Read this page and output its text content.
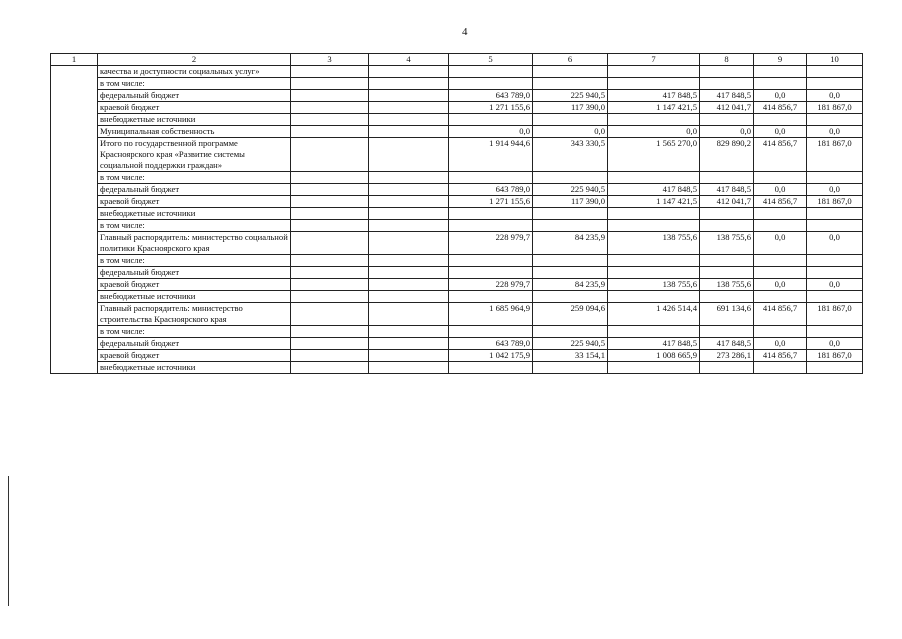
4
1	2	3	4	5	6	7	8	9	10
	качества и доступности социальных услуг»								
	в том числе:								
	федеральный бюджет			643 789,0	225 940,5	417 848,5	417 848,5	0,0	0,0
	краевой бюджет			1 271 155,6	117 390,0	1 147 421,5	412 041,7	414 856,7	181 867,0
	внебюджетные источники								
	Муниципальная собственность			0,0	0,0	0,0	0,0	0,0	0,0
	Итого по государственной программе Красноярского края «Развитие системы социальной поддержки граждан»			1 914 944,6	343 330,5	1 565 270,0	829 890,2	414 856,7	181 867,0
	в том числе:								
	федеральный бюджет			643 789,0	225 940,5	417 848,5	417 848,5	0,0	0,0
	краевой бюджет			1 271 155,6	117 390,0	1 147 421,5	412 041,7	414 856,7	181 867,0
	внебюджетные источники								
	в том числе:								
	Главный распорядитель: министерство социальной политики Красноярского края			228 979,7	84 235,9	138 755,6	138 755,6	0,0	0,0
	в том числе:								
	федеральный бюджет								
	краевой бюджет			228 979,7	84 235,9	138 755,6	138 755,6	0,0	0,0
	внебюджетные источники								
	Главный распорядитель: министерство строительства Красноярского края			1 685 964,9	259 094,6	1 426 514,4	691 134,6	414 856,7	181 867,0
	в том числе:								
	федеральный бюджет			643 789,0	225 940,5	417 848,5	417 848,5	0,0	0,0
	краевой бюджет			1 042 175,9	33 154,1	1 008 665,9	273 286,1	414 856,7	181 867,0
	внебюджетные источники								
